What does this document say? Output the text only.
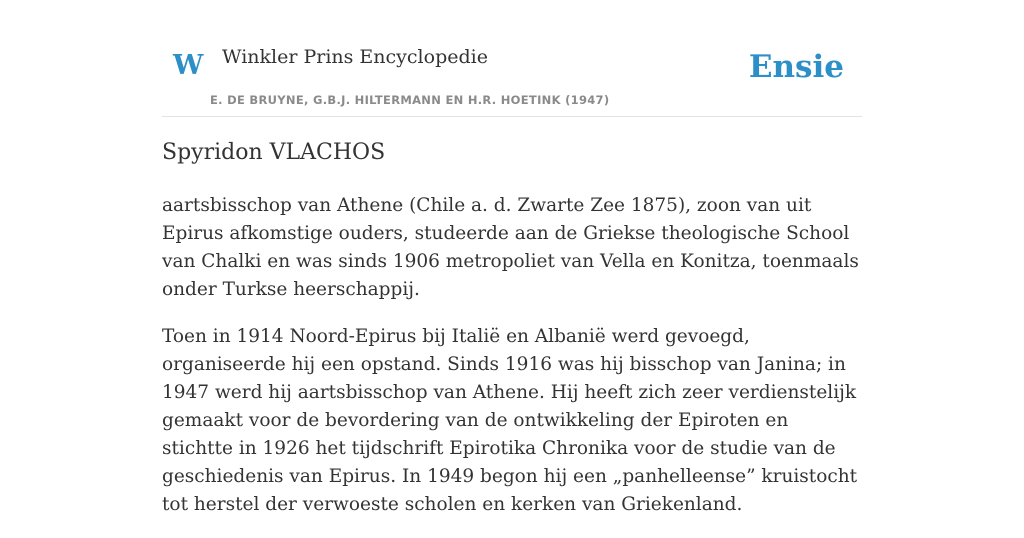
W Winkler Prins Encyclopedie
E. DE BRUYNE, G.B.J. HILTERMANN EN H.R. HOETINK (1947)
Ensie
Spyridon VLACHOS

aartsbisschop van Athene (Chile a. d. Zwarte Zee 1875), zoon van uit Epirus afkomstige ouders, studeerde aan de Griekse theologische School van Chalki en was sinds 1906 metropoliet van Vella en Konitza, toenmaals onder Turkse heerschappij.

Toen in 1914 Noord-Epirus bij Italië en Albanië werd gevoegd, organiseerde hij een opstand. Sinds 1916 was hij bisschop van Janina; in 1947 werd hij aartsbisschop van Athene. Hij heeft zich zeer verdienstelijk gemaakt voor de bevordering van de ontwikkeling der Epiroten en stichtte in 1926 het tijdschrift Epirotika Chronika voor de studie van de geschiedenis van Epirus. In 1949 begon hij een „panhelleense” kruistocht tot herstel der verwoeste scholen en kerken van Griekenland.
